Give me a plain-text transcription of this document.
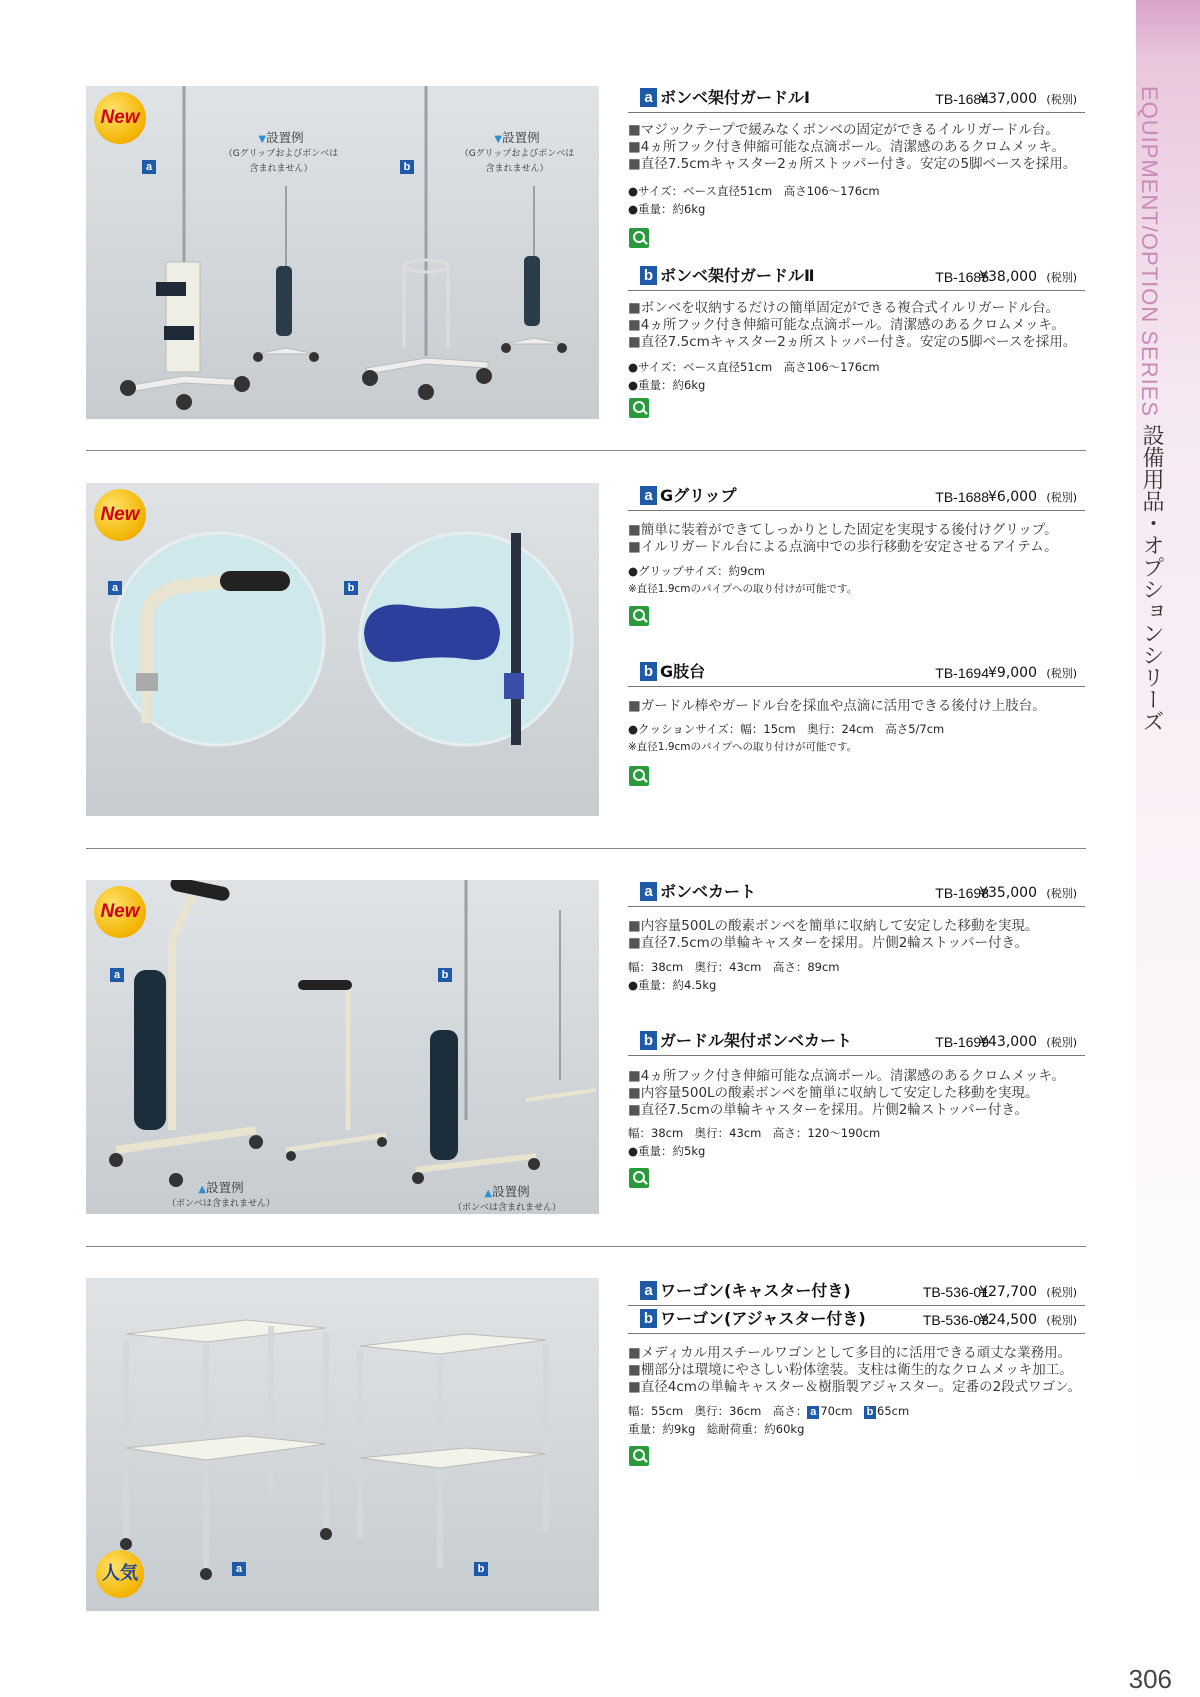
EQUIPMENT/OPTION SERIES
設備用品・オプションシリーズ
306
New
a	b
▼ 設置例
（Gグリップおよびボンベは
含まれません）
▼ 設置例
（Gグリップおよびボンベは
含まれません）
a ボンベ架付ガードルⅠ	TB-1684
¥37,000 (税別)
■ マジックテープで緩みなくボンベの固定ができるイルリガードル台。
■ 4ヵ所フック付き伸縮可能な点滴ポール。清潔感のあるクロムメッキ。
■ 直径7.5cmキャスター2ヵ所ストッパー付き。安定の5脚ベースを採用。
●サイズ：ベース直径51cm　高さ106〜176cm
●重量：約6kg
b ボンベ架付ガードルⅡ	TB-1685
¥38,000 (税別)
■ ボンベを収納するだけの簡単固定ができる複合式イルリガードル台。
■ 4ヵ所フック付き伸縮可能な点滴ポール。清潔感のあるクロムメッキ。
■ 直径7.5cmキャスター2ヵ所ストッパー付き。安定の5脚ベースを採用。
●サイズ：ベース直径51cm　高さ106〜176cm
●重量：約6kg
New
a	b
a Gグリップ	TB-1688 ¥6,000 (税別)
■ 簡単に装着ができてしっかりとした固定を実現する後付けグリップ。
■ イルリガードル台による点滴中での歩行移動を安定させるアイテム。
●グリップサイズ：約9cm
※直径1.9cmのパイプへの取り付けが可能です。
b G肢台	TB-1694 ¥9,000 (税別)
■ ガードル棒やガードル台を採血や点滴に活用できる後付け上肢台。
●クッションサイズ：幅：15cm　奥行：24cm　高さ5/7cm
※直径1.9cmのパイプへの取り付けが可能です。
New
a	b
▲ 設置例
（ボンベは含まれません）
▲ 設置例
（ボンベは含まれません）
a ボンベカート	TB-1698
¥35,000 (税別)
■ 内容量500Lの酸素ボンベを簡単に収納して安定した移動を実現。
■ 直径7.5cmの単輪キャスターを採用。片側2輪ストッパー付き。
幅：38cm　奥行：43cm　高さ：89cm
●重量：約4.5kg
b ガードル架付ボンベカート	TB-1699
¥43,000 (税別)
■ 4ヵ所フック付き伸縮可能な点滴ポール。清潔感のあるクロムメッキ。
■ 内容量500Lの酸素ボンベを簡単に収納して安定した移動を実現。
■ 直径7.5cmの単輪キャスターを採用。片側2輪ストッパー付き。
幅：38cm　奥行：43cm　高さ：120〜190cm
●重量：約5kg
人気	a	b
a ワーゴン(キャスター付き)	TB-536-01
¥27,700 (税別)
b ワーゴン(アジャスター付き)	TB-536-03
¥24,500 (税別)
■ メディカル用スチールワゴンとして多目的に活用できる頑丈な業務用。
■ 棚部分は環境にやさしい粉体塗装。支柱は衛生的なクロムメッキ加工。
■ 直径4cmの単輪キャスター＆樹脂製アジャスター。定番の2段式ワゴン。
幅：55cm　奥行：36cm　高さ： a 70cm　 b 65cm
重量：約9kg　総耐荷重：約60kg
